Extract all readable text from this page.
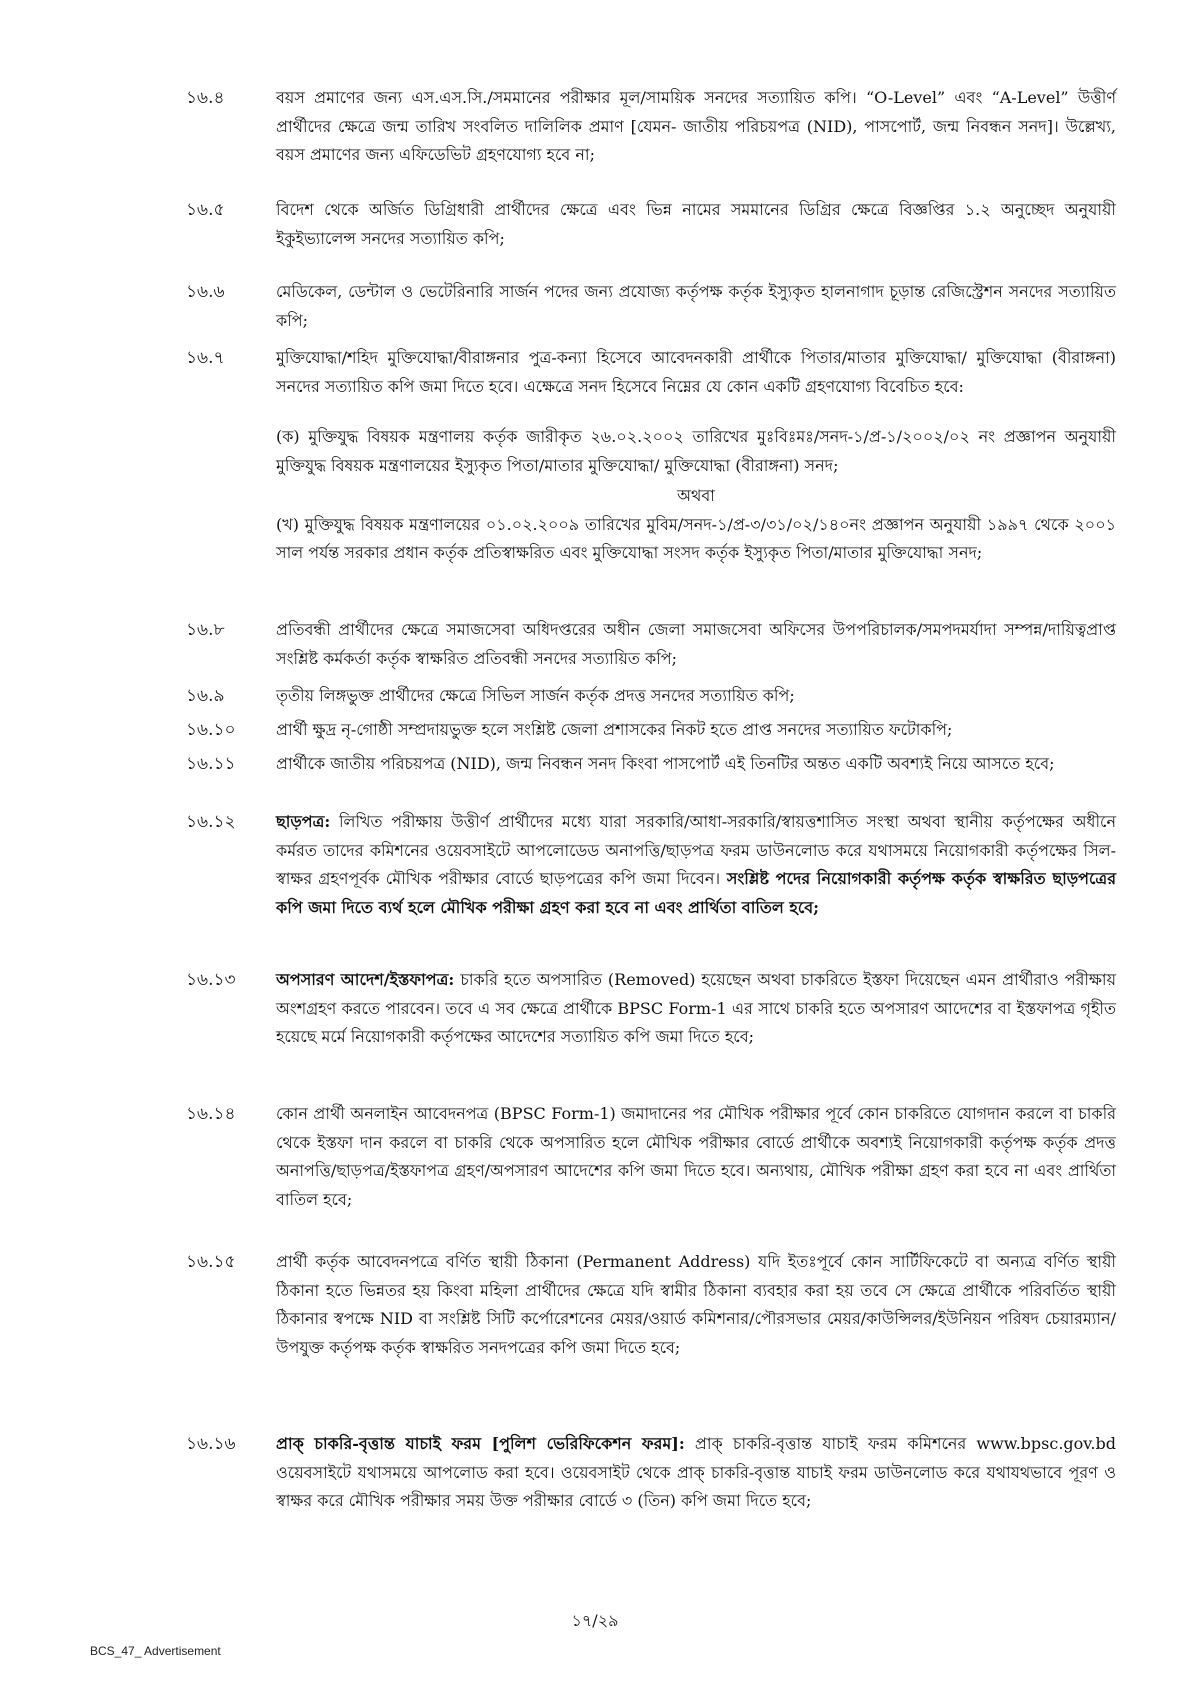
১৬.৪	বয়স প্রমাণের জন্য এস.এস.সি./সমমানের পরীক্ষার মূল/সাময়িক সনদের সত্যায়িত কপি। “O-Level” এবং “A-Level” উত্তীর্ণ প্রার্থীদের ক্ষেত্রে জন্ম তারিখ সংবলিত দালিলিক প্রমাণ [যেমন- জাতীয় পরিচয়পত্র (NID), পাসপোর্ট, জন্ম নিবন্ধন সনদ]। উল্লেখ্য, বয়স প্রমাণের জন্য এফিডেভিট গ্রহণযোগ্য হবে না;
১৬.৫	বিদেশ থেকে অর্জিত ডিগ্রিধারী প্রার্থীদের ক্ষেত্রে এবং ভিন্ন নামের সমমানের ডিগ্রির ক্ষেত্রে বিজ্ঞপ্তির ১.২ অনুচ্ছেদ অনুযায়ী ইকুইভ্যালেন্স সনদের সত্যায়িত কপি;
১৬.৬	মেডিকেল, ডেন্টাল ও ভেটেরিনারি সার্জন পদের জন্য প্রযোজ্য কর্তৃপক্ষ কর্তৃক ইস্যুকৃত হালনাগাদ চূড়ান্ত রেজিস্ট্রেশন সনদের সত্যায়িত কপি;
১৬.৭	মুক্তিযোদ্ধা/শহিদ মুক্তিযোদ্ধা/বীরাঙ্গনার পুত্র-কন্যা হিসেবে আবেদনকারী প্রার্থীকে পিতার/মাতার মুক্তিযোদ্ধা/ মুক্তিযোদ্ধা (বীরাঙ্গনা) সনদের সত্যায়িত কপি জমা দিতে হবে। এক্ষেত্রে সনদ হিসেবে নিম্নের যে কোন একটি গ্রহণযোগ্য বিবেচিত হবে:
(ক) মুক্তিযুদ্ধ বিষয়ক মন্ত্রণালয় কর্তৃক জারীকৃত ২৬.০২.২০০২ তারিখের মুঃবিঃমঃ/সনদ-১/প্র-১/২০০২/০২ নং প্রজ্ঞাপন অনুযায়ী মুক্তিযুদ্ধ বিষয়ক মন্ত্রণালয়ের ইস্যুকৃত পিতা/মাতার মুক্তিযোদ্ধা/ মুক্তিযোদ্ধা (বীরাঙ্গনা) সনদ;
অথবা
(খ) মুক্তিযুদ্ধ বিষয়ক মন্ত্রণালয়ের ০১.০২.২০০৯ তারিখের মুবিম/সনদ-১/প্র-৩/৩১/০২/১৪০নং প্রজ্ঞাপন অনুযায়ী ১৯৯৭ থেকে ২০০১ সাল পর্যন্ত সরকার প্রধান কর্তৃক প্রতিস্বাক্ষরিত এবং মুক্তিযোদ্ধা সংসদ কর্তৃক ইস্যুকৃত পিতা/মাতার মুক্তিযোদ্ধা সনদ;
১৬.৮	প্রতিবন্ধী প্রার্থীদের ক্ষেত্রে সমাজসেবা অধিদপ্তরের অধীন জেলা সমাজসেবা অফিসের উপপরিচালক/সমপদমর্যাদা সম্পন্ন/দায়িত্বপ্রাপ্ত সংশ্লিষ্ট কর্মকর্তা কর্তৃক স্বাক্ষরিত প্রতিবন্ধী সনদের সত্যায়িত কপি;
১৬.৯	তৃতীয় লিঙ্গভুক্ত প্রার্থীদের ক্ষেত্রে সিভিল সার্জন কর্তৃক প্রদত্ত সনদের সত্যায়িত কপি;
১৬.১০	প্রার্থী ক্ষুদ্র নৃ-গোষ্ঠী সম্প্রদায়ভুক্ত হলে সংশ্লিষ্ট জেলা প্রশাসকের নিকট হতে প্রাপ্ত সনদের সত্যায়িত ফটোকপি;
১৬.১১	প্রার্থীকে জাতীয় পরিচয়পত্র (NID), জন্ম নিবন্ধন সনদ কিংবা পাসপোর্ট এই তিনটির অন্তত একটি অবশ্যই নিয়ে আসতে হবে;
১৬.১২	ছাড়পত্র: লিখিত পরীক্ষায় উত্তীর্ণ প্রার্থীদের মধ্যে যারা সরকারি/আধা-সরকারি/স্বায়ত্তশাসিত সংস্থা অথবা স্থানীয় কর্তৃপক্ষের অধীনে কর্মরত তাদের কমিশনের ওয়েবসাইটে আপলোডেড অনাপত্তি/ছাড়পত্র ফরম ডাউনলোড করে যথাসময়ে নিয়োগকারী কর্তৃপক্ষের সিল-স্বাক্ষর গ্রহণপূর্বক মৌখিক পরীক্ষার বোর্ডে ছাড়পত্রের কপি জমা দিবেন। সংশ্লিষ্ট পদের নিয়োগকারী কর্তৃপক্ষ কর্তৃক স্বাক্ষরিত ছাড়পত্রের কপি জমা দিতে ব্যর্থ হলে মৌখিক পরীক্ষা গ্রহণ করা হবে না এবং প্রার্থিতা বাতিল হবে;
১৬.১৩	অপসারণ আদেশ/ইস্তফাপত্র: চাকরি হতে অপসারিত (Removed) হয়েছেন অথবা চাকরিতে ইস্তফা দিয়েছেন এমন প্রার্থীরাও পরীক্ষায় অংশগ্রহণ করতে পারবেন। তবে এ সব ক্ষেত্রে প্রার্থীকে BPSC Form-1 এর সাথে চাকরি হতে অপসারণ আদেশের বা ইস্তফাপত্র গৃহীত হয়েছে মর্মে নিয়োগকারী কর্তৃপক্ষের আদেশের সত্যায়িত কপি জমা দিতে হবে;
১৬.১৪	কোন প্রার্থী অনলাইন আবেদনপত্র (BPSC Form-1) জমাদানের পর মৌখিক পরীক্ষার পূর্বে কোন চাকরিতে যোগদান করলে বা চাকরি থেকে ইস্তফা দান করলে বা চাকরি থেকে অপসারিত হলে মৌখিক পরীক্ষার বোর্ডে প্রার্থীকে অবশ্যই নিয়োগকারী কর্তৃপক্ষ কর্তৃক প্রদত্ত অনাপত্তি/ছাড়পত্র/ইস্তফাপত্র গ্রহণ/অপসারণ আদেশের কপি জমা দিতে হবে। অন্যথায়, মৌখিক পরীক্ষা গ্রহণ করা হবে না এবং প্রার্থিতা বাতিল হবে;
১৬.১৫	প্রার্থী কর্তৃক আবেদনপত্রে বর্ণিত স্থায়ী ঠিকানা (Permanent Address) যদি ইতঃপূর্বে কোন সার্টিফিকেটে বা অন্যত্র বর্ণিত স্থায়ী ঠিকানা হতে ভিন্নতর হয় কিংবা মহিলা প্রার্থীদের ক্ষেত্রে যদি স্বামীর ঠিকানা ব্যবহার করা হয় তবে সে ক্ষেত্রে প্রার্থীকে পরিবর্তিত স্থায়ী ঠিকানার স্বপক্ষে NID বা সংশ্লিষ্ট সিটি কর্পোরেশনের মেয়র/ওয়ার্ড কমিশনার/পৌরসভার মেয়র/কাউন্সিলর/ইউনিয়ন পরিষদ চেয়ারম্যান/উপযুক্ত কর্তৃপক্ষ কর্তৃক স্বাক্ষরিত সনদপত্রের কপি জমা দিতে হবে;
১৬.১৬	প্রাক্ চাকরি-বৃত্তান্ত যাচাই ফরম [পুলিশ ভেরিফিকেশন ফরম]: প্রাক্ চাকরি-বৃত্তান্ত যাচাই ফরম কমিশনের www.bpsc.gov.bd ওয়েবসাইটে যথাসময়ে আপলোড করা হবে। ওয়েবসাইট থেকে প্রাক্ চাকরি-বৃত্তান্ত যাচাই ফরম ডাউনলোড করে যথাযথভাবে পূরণ ও স্বাক্ষর করে মৌখিক পরীক্ষার সময় উক্ত পরীক্ষার বোর্ডে ৩ (তিন) কপি জমা দিতে হবে;
১৭/২৯
BCS_47_ Advertisement
